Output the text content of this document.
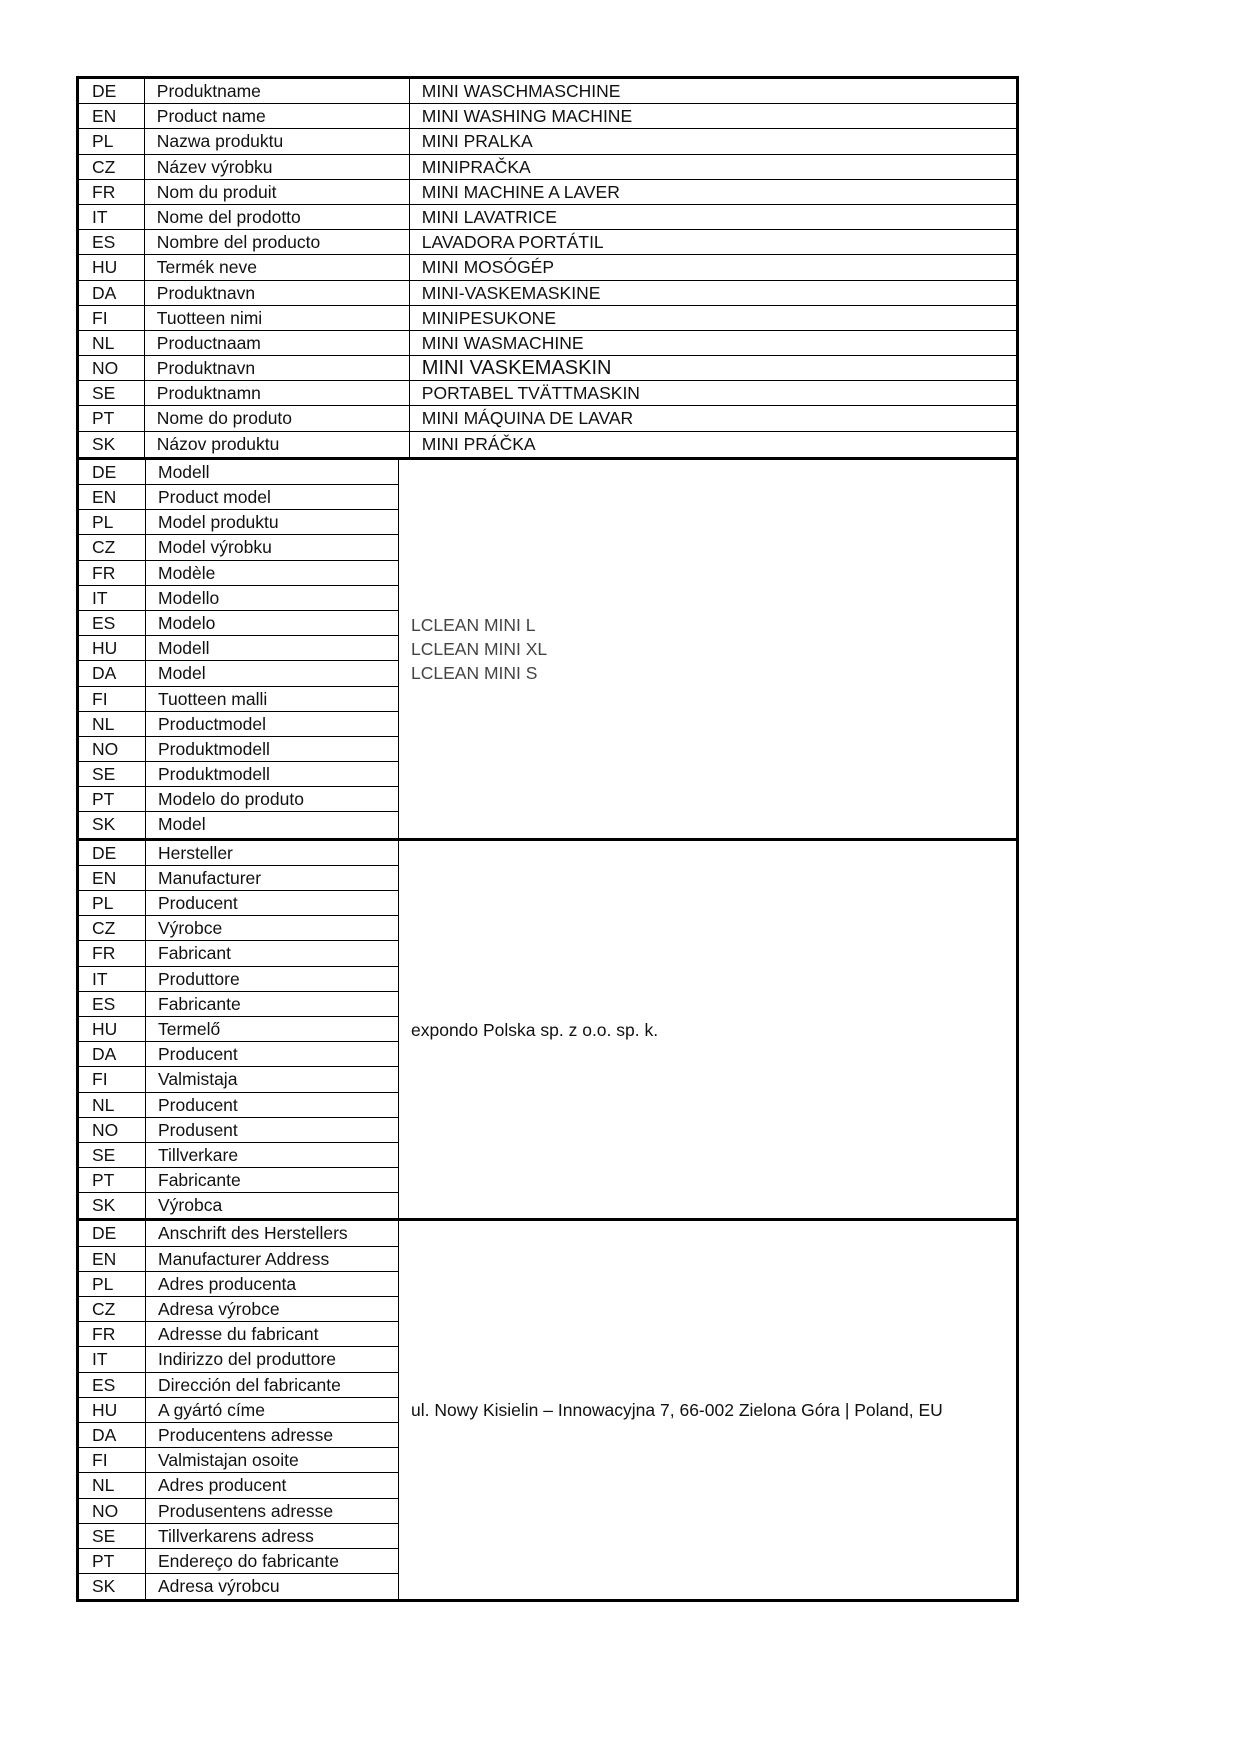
DE	Produktname	MINI WASCHMASCHINE
EN	Product name	MINI WASHING MACHINE
PL	Nazwa produktu	MINI PRALKA
CZ	Název výrobku	MINIPRAČKA
FR	Nom du produit	MINI MACHINE A LAVER
IT	Nome del prodotto	MINI LAVATRICE
ES	Nombre del producto	LAVADORA PORTÁTIL
HU	Termék neve	MINI MOSÓGÉP
DA	Produktnavn	MINI-VASKEMASKINE
FI	Tuotteen nimi	MINIPESUKONE
NL	Productnaam	MINI WASMACHINE
NO	Produktnavn	MINI VASKEMASKIN
SE	Produktnamn	PORTABEL TVÄTTMASKIN
PT	Nome do produto	MINI MÁQUINA DE LAVAR
SK	Názov produktu	MINI PRÁČKA
DE	Modell
EN	Product model
PL	Model produktu
CZ	Model výrobku
FR	Modèle
IT	Modello
ES	Modelo
HU	Modell
DA	Model
FI	Tuotteen malli
NL	Productmodel
NO	Produktmodell
SE	Produktmodell
PT	Modelo do produto
SK	Model
LCLEAN MINI L
LCLEAN MINI XL
LCLEAN MINI S
DE	Hersteller
EN	Manufacturer
PL	Producent
CZ	Výrobce
FR	Fabricant
IT	Produttore
ES	Fabricante
HU	Termelő
DA	Producent
FI	Valmistaja
NL	Producent
NO	Produsent
SE	Tillverkare
PT	Fabricante
SK	Výrobca
expondo Polska sp. z o.o. sp. k.
DE	Anschrift des Herstellers
EN	Manufacturer Address
PL	Adres producenta
CZ	Adresa výrobce
FR	Adresse du fabricant
IT	Indirizzo del produttore
ES	Dirección del fabricante
HU	A gyártó címe
DA	Producentens adresse
FI	Valmistajan osoite
NL	Adres producent
NO	Produsentens adresse
SE	Tillverkarens adress
PT	Endereço do fabricante
SK	Adresa výrobcu
ul. Nowy Kisielin – Innowacyjna 7, 66-002 Zielona Góra | Poland, EU
